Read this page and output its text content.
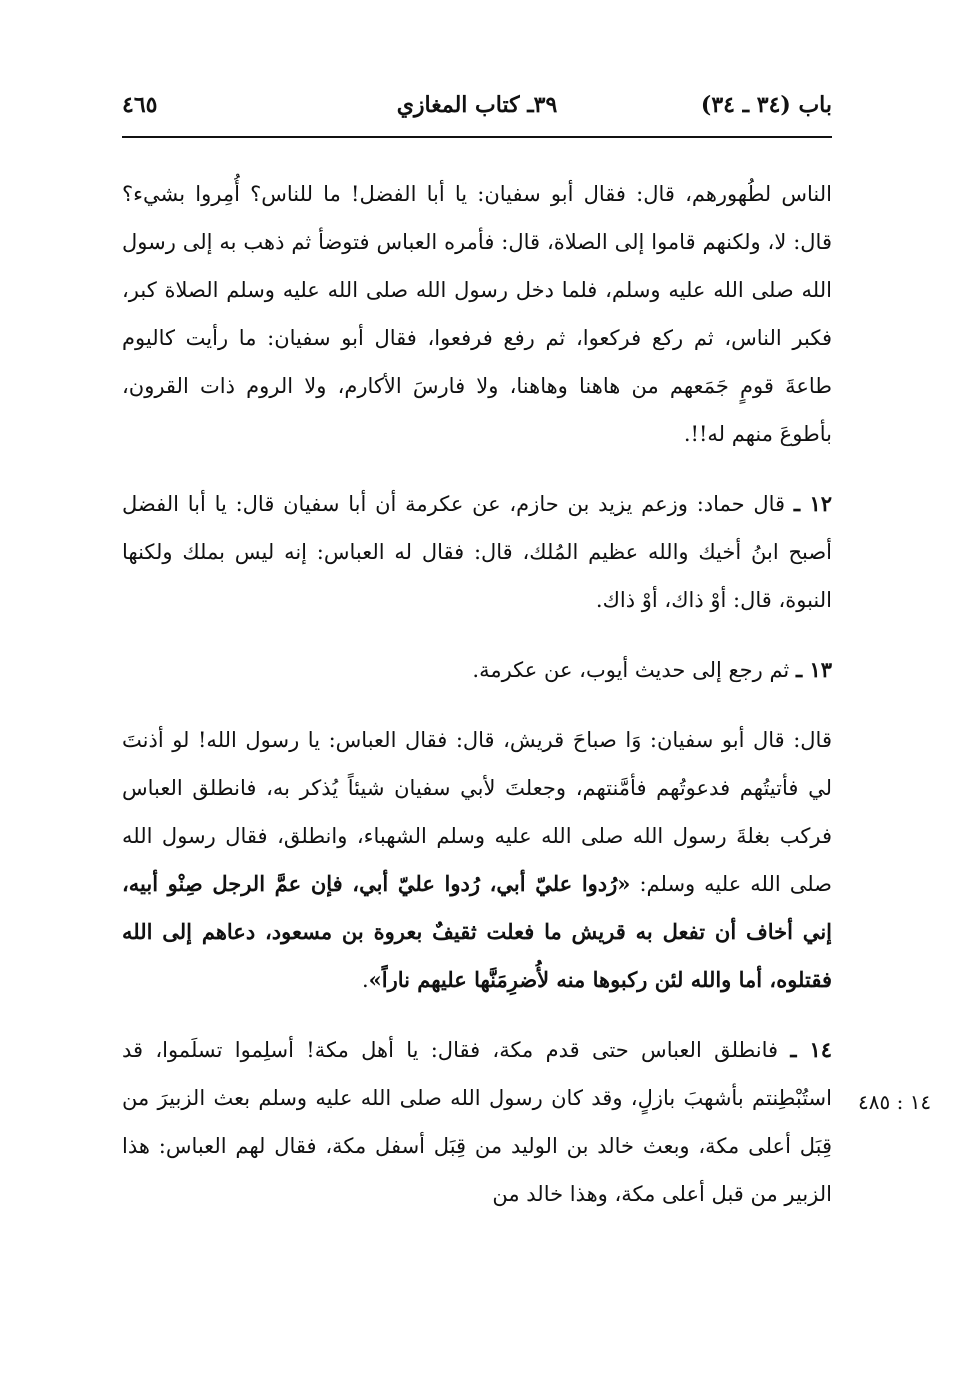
باب (٣٤ ـ ٣٤)
٣٩ـ كتاب المغازي
٤٦٥

الناس لطُهورهم، قال: فقال أبو سفيان: يا أبا الفضل! ما للناس؟ أُمِروا بشيء؟ قال: لا، ولكنهم قاموا إلى الصلاة، قال: فأمره العباس فتوضأ ثم ذهب به إلى رسول الله صلى الله عليه وسلم، فلما دخل رسول الله صلى الله عليه وسلم الصلاة كبر، فكبر الناس، ثم ركع فركعوا، ثم رفع فرفعوا، فقال أبو سفيان: ما رأيت كاليوم طاعةَ قومٍ جَمَعهم من هاهنا وهاهنا، ولا فارسَ الأكارم، ولا الروم ذات القرون، بأطوعَ منهم له!!.

١٢ ـ قال حماد: وزعم يزيد بن حازم، عن عكرمة أن أبا سفيان قال: يا أبا الفضل أصبح ابنُ أخيك والله عظيم المُلك، قال: فقال له العباس: إنه ليس بملك ولكنها النبوة، قال: أوْ ذاك، أوْ ذاك.

١٣ ـ ثم رجع إلى حديث أيوب، عن عكرمة.

قال: قال أبو سفيان: وَا صباحَ قريش، قال: فقال العباس: يا رسول الله! لو أذنتَ لي فأتيتُهم فدعوتُهم فأمَّنتهم، وجعلتَ لأبي سفيان شيئاً يُذكر به، فانطلق العباس فركب بغلةَ رسول الله صلى الله عليه وسلم الشهباء، وانطلق، فقال رسول الله صلى الله عليه وسلم: «رُدوا عليّ أبي، رُدوا عليّ أبي، فإن عمَّ الرجل صِنْو أبيه، إني أخاف أن تفعل به قريش ما فعلت ثقيفٌ بعروة بن مسعود، دعاهم إلى الله فقتلوه، أما والله لئن ركبوها منه لأُضرِمَنَّها عليهم ناراً».

١٤ ـ فانطلق العباس حتى قدم مكة، فقال: يا أهل مكة! أسلِموا تسلَموا، قد استُبْطِنتم بأشهبَ بازلٍ، وقد كان رسول الله صلى الله عليه وسلم بعث الزبيرَ من قِبَل أعلى مكة، وبعث خالد بن الوليد من قِبَل أسفل مكة، فقال لهم العباس: هذا الزبير من قبل أعلى مكة، وهذا خالد من

١٤ : ٤٨٥
